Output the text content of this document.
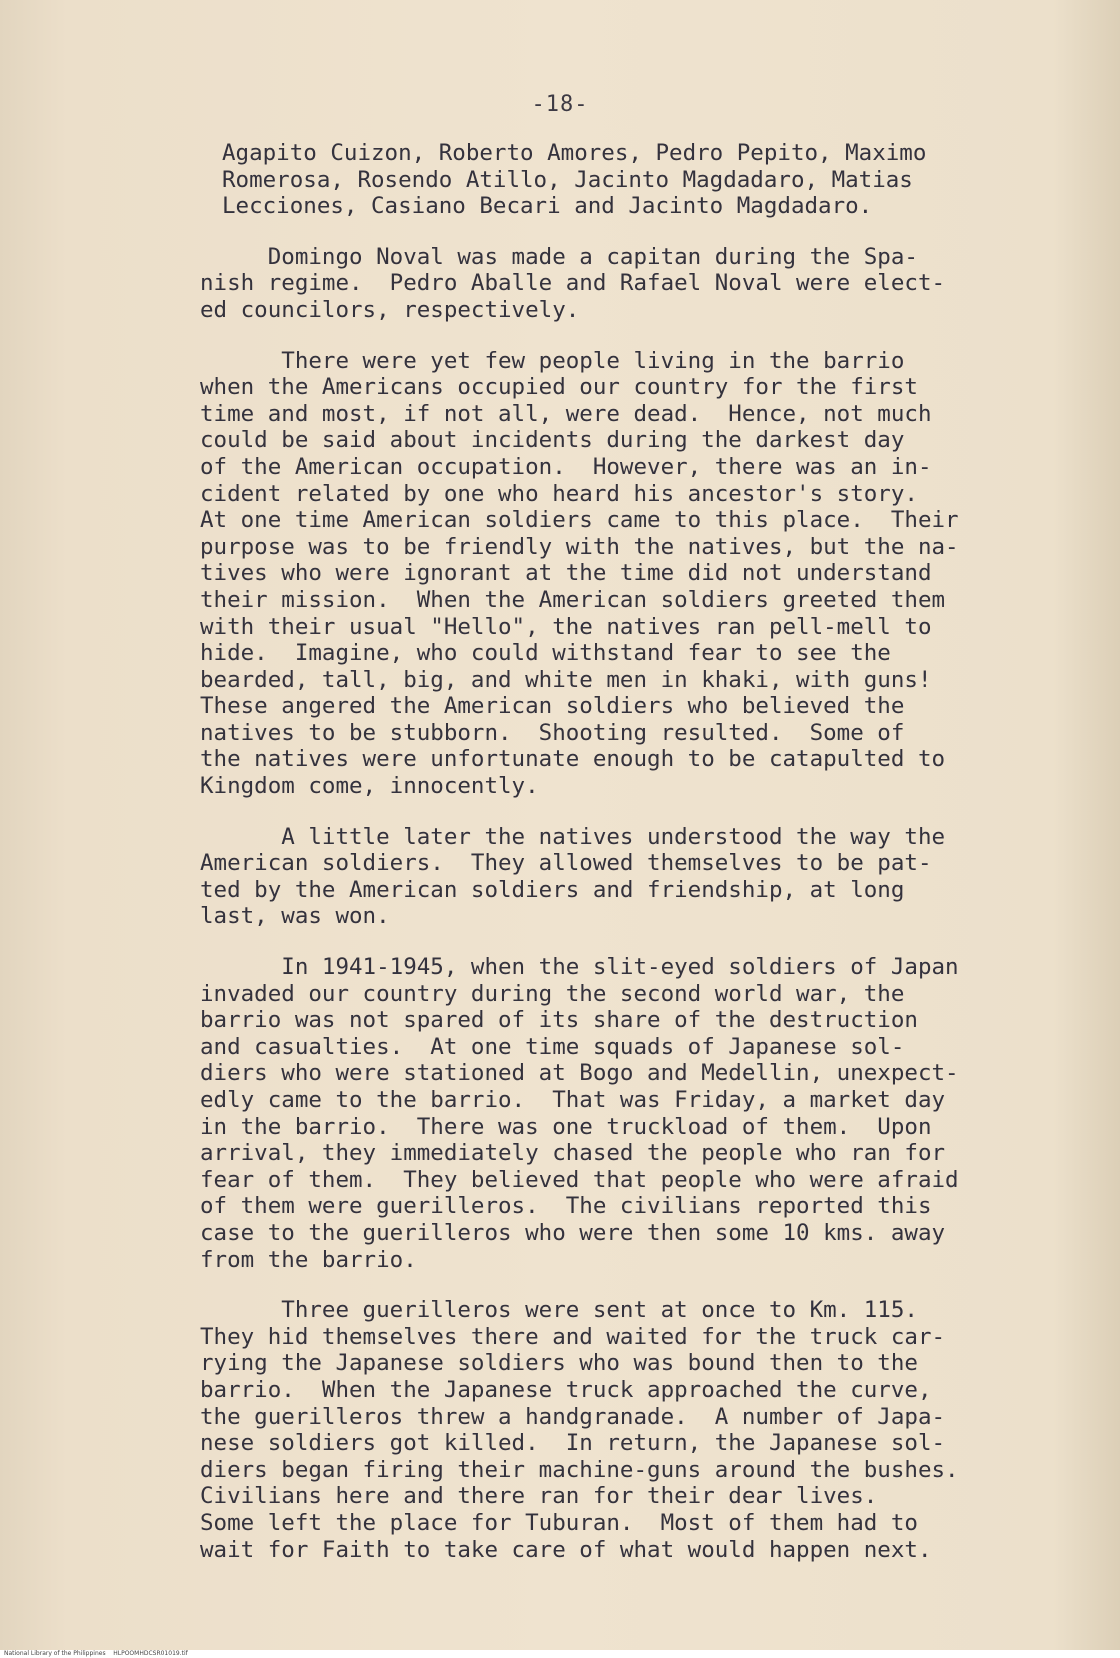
-18-
Agapito Cuizon, Roberto Amores, Pedro Pepito, Maximo
Romerosa, Rosendo Atillo, Jacinto Magdadaro, Matias
Lecciones, Casiano Becari and Jacinto Magdadaro.
Domingo Noval was made a capitan during the Spa-
nish regime.  Pedro Aballe and Rafael Noval were elect-
ed councilors, respectively.
There were yet few people living in the barrio
when the Americans occupied our country for the first
time and most, if not all, were dead.  Hence, not much
could be said about incidents during the darkest day
of the American occupation.  However, there was an in-
cident related by one who heard his ancestor's story.
At one time American soldiers came to this place.  Their
purpose was to be friendly with the natives, but the na-
tives who were ignorant at the time did not understand
their mission.  When the American soldiers greeted them
with their usual "Hello", the natives ran pell-mell to
hide.  Imagine, who could withstand fear to see the
bearded, tall, big, and white men in khaki, with guns!
These angered the American soldiers who believed the
natives to be stubborn.  Shooting resulted.  Some of
the natives were unfortunate enough to be catapulted to
Kingdom come, innocently.
A little later the natives understood the way the
American soldiers.  They allowed themselves to be pat-
ted by the American soldiers and friendship, at long
last, was won.
In 1941-1945, when the slit-eyed soldiers of Japan
invaded our country during the second world war, the
barrio was not spared of its share of the destruction
and casualties.  At one time squads of Japanese sol-
diers who were stationed at Bogo and Medellin, unexpect-
edly came to the barrio.  That was Friday, a market day
in the barrio.  There was one truckload of them.  Upon
arrival, they immediately chased the people who ran for
fear of them.  They believed that people who were afraid
of them were guerilleros.  The civilians reported this
case to the guerilleros who were then some 10 kms. away
from the barrio.
Three guerilleros were sent at once to Km. 115.
They hid themselves there and waited for the truck car-
rying the Japanese soldiers who was bound then to the
barrio.  When the Japanese truck approached the curve,
the guerilleros threw a handgranade.  A number of Japa-
nese soldiers got killed.  In return, the Japanese sol-
diers began firing their machine-guns around the bushes.
Civilians here and there ran for their dear lives.
Some left the place for Tuburan.  Most of them had to
wait for Faith to take care of what would happen next.
National Library of the Philippines HLPOOMHDCSR01019.tif
